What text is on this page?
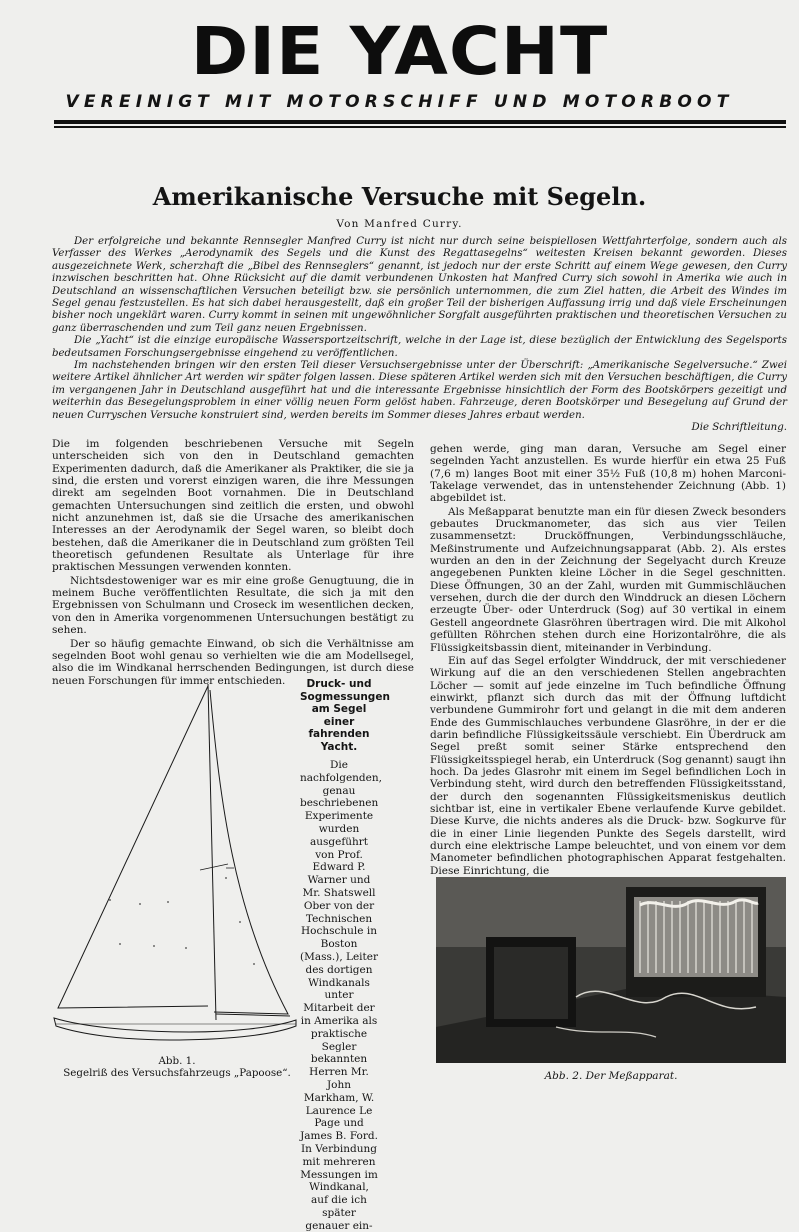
DIE YACHT
VEREINIGT MIT MOTORSCHIFF UND MOTORBOOT
Amerikanische Versuche mit Segeln.
Von Manfred Curry.

Der erfolgreiche und bekannte Rennsegler Manfred Curry ist nicht nur durch seine beispiellosen Wettfahrterfolge, sondern auch als Verfasser des Werkes „Aerodynamik des Segels und die Kunst des Regattasegelns“ weitesten Kreisen bekannt geworden. Dieses ausgezeichnete Werk, scherzhaft die „Bibel des Rennseglers“ genannt, ist jedoch nur der erste Schritt auf einem Wege gewesen, den Curry inzwischen beschritten hat. Ohne Rücksicht auf die damit verbundenen Unkosten hat Manfred Curry sich sowohl in Amerika wie auch in Deutschland an wissenschaftlichen Versuchen beteiligt bzw. sie persönlich unternommen, die zum Ziel hatten, die Arbeit des Windes im Segel genau festzustellen. Es hat sich dabei herausgestellt, daß ein großer Teil der bisherigen Auffassung irrig und daß viele Erscheinungen bisher noch ungeklärt waren. Curry kommt in seinen mit ungewöhnlicher Sorgfalt ausgeführten praktischen und theoretischen Versuchen zu ganz überraschenden und zum Teil ganz neuen Ergebnissen.

Die „Yacht“ ist die einzige europäische Wassersportzeitschrift, welche in der Lage ist, diese bezüglich der Entwicklung des Segelsports bedeutsamen Forschungsergebnisse eingehend zu veröffentlichen.

Im nachstehenden bringen wir den ersten Teil dieser Versuchsergebnisse unter der Überschrift: „Amerikanische Segelversuche.“ Zwei weitere Artikel ähnlicher Art werden wir später folgen lassen. Diese späteren Artikel werden sich mit den Versuchen beschäftigen, die Curry im vergangenen Jahr in Deutschland ausgeführt hat und die interessante Ergebnisse hinsichtlich der Form des Bootskörpers gezeitigt und weiterhin das Besegelungsproblem in einer völlig neuen Form gelöst haben. Fahrzeuge, deren Bootskörper und Besegelung auf Grund der neuen Curryschen Versuche konstruiert sind, werden bereits im Sommer dieses Jahres erbaut werden.

Die Schriftleitung.

Die im folgenden beschriebenen Versuche mit Segeln unterscheiden sich von den in Deutschland gemachten Experimenten dadurch, daß die Amerikaner als Praktiker, die sie ja sind, die ersten und vorerst einzigen waren, die ihre Messungen direkt am segelnden Boot vornahmen. Die in Deutschland gemachten Untersuchungen sind zeitlich die ersten, und obwohl nicht anzunehmen ist, daß sie die Ursache des amerikanischen Interesses an der Aerodynamik der Segel waren, so bleibt doch bestehen, daß die Amerikaner die in Deutschland zum größten Teil theoretisch gefundenen Resultate als Unterlage für ihre praktischen Messungen verwenden konnten.

Nichtsdestoweniger war es mir eine große Genugtuung, die in meinem Buche veröffentlichten Resultate, die sich ja mit den Ergebnissen von Schulmann und Croseck im wesentlichen decken, von den in Amerika vorgenommenen Untersuchungen bestätigt zu sehen.

Der so häufig gemachte Einwand, ob sich die Verhältnisse am segelnden Boot wohl genau so verhielten wie die am Modellsegel, also die im Windkanal herrschenden Bedingungen, ist durch diese neuen Forschungen für immer entschieden.

Abb. 1.
Segelriß des Versuchsfahrzeugs „Papoose“.
Druck- und Sogmessungen am Segel einer fahrenden Yacht.

Die nachfolgenden, genau beschriebenen Experimente wurden ausgeführt von Prof. Edward P. Warner und Mr. Shatswell Ober von der Technischen Hochschule in Boston (Mass.), Leiter des dortigen Windkanals unter Mitarbeit der in Amerika als praktische Segler bekannten Herren Mr. John Markham, W. Laurence Le Page und James B. Ford.

In Verbindung mit mehreren Messungen im Windkanal, auf die ich später genauer ein-

gehen werde, ging man daran, Versuche am Segel einer segelnden Yacht anzustellen. Es wurde hierfür ein etwa 25 Fuß (7,6 m) langes Boot mit einer 35½ Fuß (10,8 m) hohen Marconi-Takelage verwendet, das in untenstehender Zeichnung (Abb. 1) abgebildet ist.

Als Meßapparat benutzte man ein für diesen Zweck besonders gebautes Druckmanometer, das sich aus vier Teilen zusammensetzt: Drucköffnungen, Verbindungsschläuche, Meßinstrumente und Aufzeichnungsapparat (Abb. 2). Als erstes wurden an den in der Zeichnung der Segelyacht durch Kreuze angegebenen Punkten kleine Löcher in die Segel geschnitten. Diese Öffnungen, 30 an der Zahl, wurden mit Gummischläuchen versehen, durch die der durch den Winddruck an diesen Löchern erzeugte Über- oder Unterdruck (Sog) auf 30 vertikal in einem Gestell angeordnete Glasröhren übertragen wird. Die mit Alkohol gefüllten Röhrchen stehen durch eine Horizontalröhre, die als Flüssigkeitsbassin dient, miteinander in Verbindung.

Ein auf das Segel erfolgter Winddruck, der mit verschiedener Wirkung auf die an den verschiedenen Stellen angebrachten Löcher — somit auf jede einzelne im Tuch befindliche Öffnung einwirkt, pflanzt sich durch das mit der Öffnung luftdicht verbundene Gummirohr fort und gelangt in die mit dem anderen Ende des Gummischlauches verbundene Glasröhre, in der er die darin befindliche Flüssigkeitssäule verschiebt. Ein Überdruck am Segel preßt somit seiner Stärke entsprechend den Flüssigkeitsspiegel herab, ein Unterdruck (Sog genannt) saugt ihn hoch. Da jedes Glasrohr mit einem im Segel befindlichen Loch in Verbindung steht, wird durch den betreffenden Flüssigkeitsstand, der durch den sogenannten Flüssigkeitsmeniskus deutlich sichtbar ist, eine in vertikaler Ebene verlaufende Kurve gebildet. Diese Kurve, die nichts anderes als die Druck- bzw. Sogkurve für die in einer Linie liegenden Punkte des Segels darstellt, wird durch eine elektrische Lampe beleuchtet, und von einem vor dem Manometer befindlichen photographischen Apparat festgehalten. Diese Einrichtung, die

Abb. 2. Der Meßapparat.
